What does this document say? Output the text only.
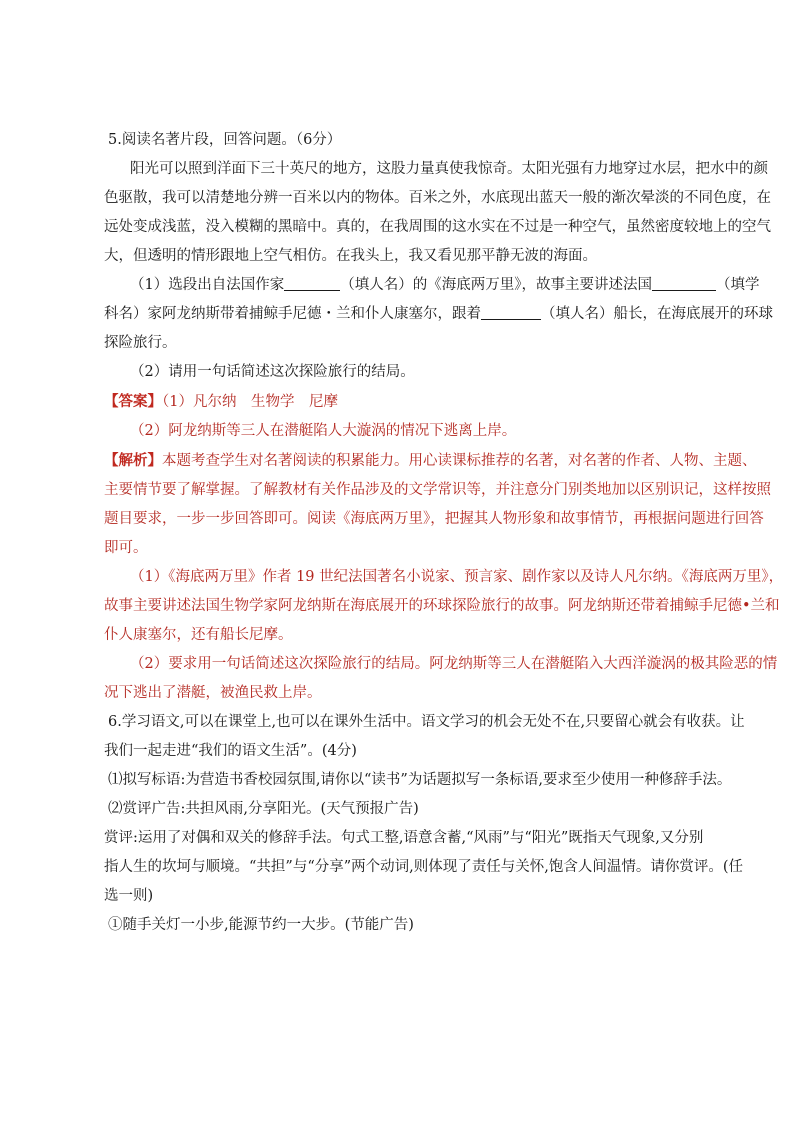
5.阅读名著片段，回答问题。（6分）

阳光可以照到洋面下三十英尺的地方，这股力量真使我惊奇。太阳光强有力地穿过水层，把水中的颜

色驱散，我可以清楚地分辨一百米以内的物体。百米之外，水底现出蓝天一般的渐次晕淡的不同色度，在

远处变成浅蓝，没入模糊的黑暗中。真的，在我周围的这水实在不过是一种空气，虽然密度较地上的空气

大，但透明的情形跟地上空气相仿。在我头上，我又看见那平静无波的海面。

（1）选段出自法国作家	（填人名）的《海底两万里》，故事主要讲述法国	（填学

科名）家阿龙纳斯带着捕鲸手尼德・兰和仆人康塞尔，跟着	（填人名）船长，在海底展开的环球

探险旅行。

（2）请用一句话简述这次探险旅行的结局。

【答案】（1）凡尔纳　生物学　尼摩

（2）阿龙纳斯等三人在潜艇陷人大漩涡的情况下逃离上岸。

【解析】本题考查学生对名著阅读的积累能力。用心读课标推荐的名著，对名著的作者、人物、主题、

主要情节要了解掌握。了解教材有关作品涉及的文学常识等，并注意分门别类地加以区别识记，这样按照

题目要求，一步一步回答即可。阅读《海底两万里》，把握其人物形象和故事情节，再根据问题进行回答

即可。

（1）《海底两万里》作者 19 世纪法国著名小说家、预言家、剧作家以及诗人凡尔纳。《海底两万里》，

故事主要讲述法国生物学家阿龙纳斯在海底展开的环球探险旅行的故事。阿龙纳斯还带着捕鲸手尼德•兰和

仆人康塞尔，还有船长尼摩。

（2）要求用一句话简述这次探险旅行的结局。阿龙纳斯等三人在潜艇陷入大西洋漩涡的极其险恶的情

况下逃出了潜艇，被渔民救上岸。

6.学习语文,可以在课堂上,也可以在课外生活中。语文学习的机会无处不在,只要留心就会有收获。让

我们一起走进“我们的语文生活”。(4分)

⑴拟写标语:为营造书香校园氛围,请你以“读书”为话题拟写一条标语,要求至少使用一种修辞手法。

⑵赏评广告:共担风雨,分享阳光。(天气预报广告)

赏评:运用了对偶和双关的修辞手法。句式工整,语意含蓄,“风雨”与“阳光”既指天气现象,又分别

指人生的坎坷与顺境。“共担”与“分享”两个动词,则体现了责任与关怀,饱含人间温情。请你赏评。(任

选一则)

①随手关灯一小步,能源节约一大步。(节能广告)
